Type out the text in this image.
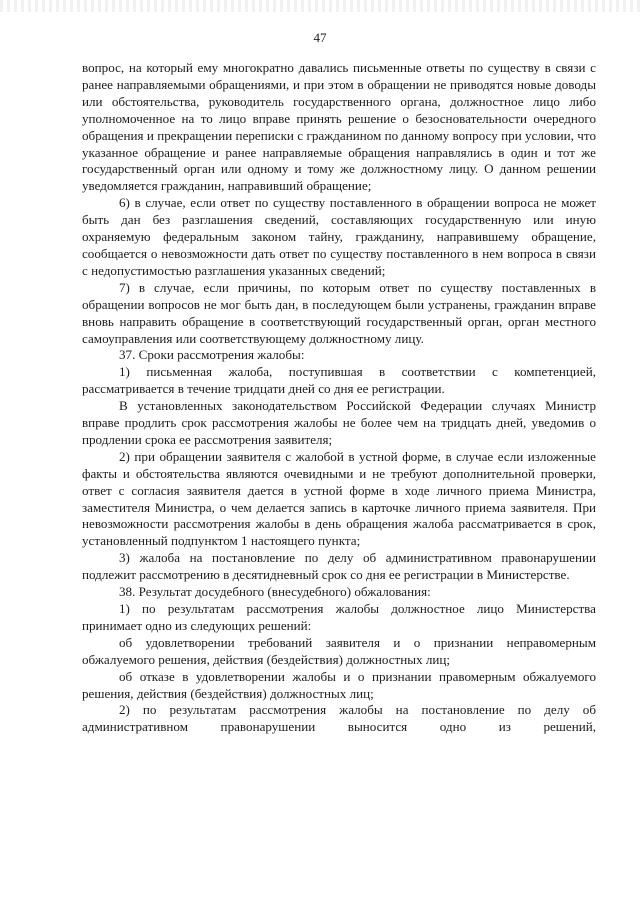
47

вопрос, на который ему многократно давались письменные ответы по существу в связи с ранее направляемыми обращениями, и при этом в обращении не приводятся новые доводы или обстоятельства, руководитель государственного органа, должностное лицо либо уполномоченное на то лицо вправе принять решение о безосновательности очередного обращения и прекращении переписки с гражданином по данному вопросу при условии, что указанное обращение и ранее направляемые обращения направлялись в один и тот же государственный орган или одному и тому же должностному лицу. О данном решении уведомляется гражданин, направивший обращение;

6) в случае, если ответ по существу поставленного в обращении вопроса не может быть дан без разглашения сведений, составляющих государственную или иную охраняемую федеральным законом тайну, гражданину, направившему обращение, сообщается о невозможности дать ответ по существу поставленного в нем вопроса в связи с недопустимостью разглашения указанных сведений;

7) в случае, если причины, по которым ответ по существу поставленных в обращении вопросов не мог быть дан, в последующем были устранены, гражданин вправе вновь направить обращение в соответствующий государственный орган, орган местного самоуправления или соответствующему должностному лицу.

37. Сроки рассмотрения жалобы:

1) письменная жалоба, поступившая в соответствии с компетенцией, рассматривается в течение тридцати дней со дня ее регистрации.

В установленных законодательством Российской Федерации случаях Министр вправе продлить срок рассмотрения жалобы не более чем на тридцать дней, уведомив о продлении срока ее рассмотрения заявителя;

2) при обращении заявителя с жалобой в устной форме, в случае если изложенные факты и обстоятельства являются очевидными и не требуют дополнительной проверки, ответ с согласия заявителя дается в устной форме в ходе личного приема Министра, заместителя Министра, о чем делается запись в карточке личного приема заявителя. При невозможности рассмотрения жалобы в день обращения жалоба рассматривается в срок, установленный подпунктом 1 настоящего пункта;

3) жалоба на постановление по делу об административном правонарушении подлежит рассмотрению в десятидневный срок со дня ее регистрации в Министерстве.

38. Результат досудебного (внесудебного) обжалования:

1) по результатам рассмотрения жалобы должностное лицо Министерства принимает одно из следующих решений:

об удовлетворении требований заявителя и о признании неправомерным обжалуемого решения, действия (бездействия) должностных лиц;

об отказе в удовлетворении жалобы и о признании правомерным обжалуемого решения, действия (бездействия) должностных лиц;

2) по результатам рассмотрения жалобы на постановление по делу об административном правонарушении выносится одно из решений,
